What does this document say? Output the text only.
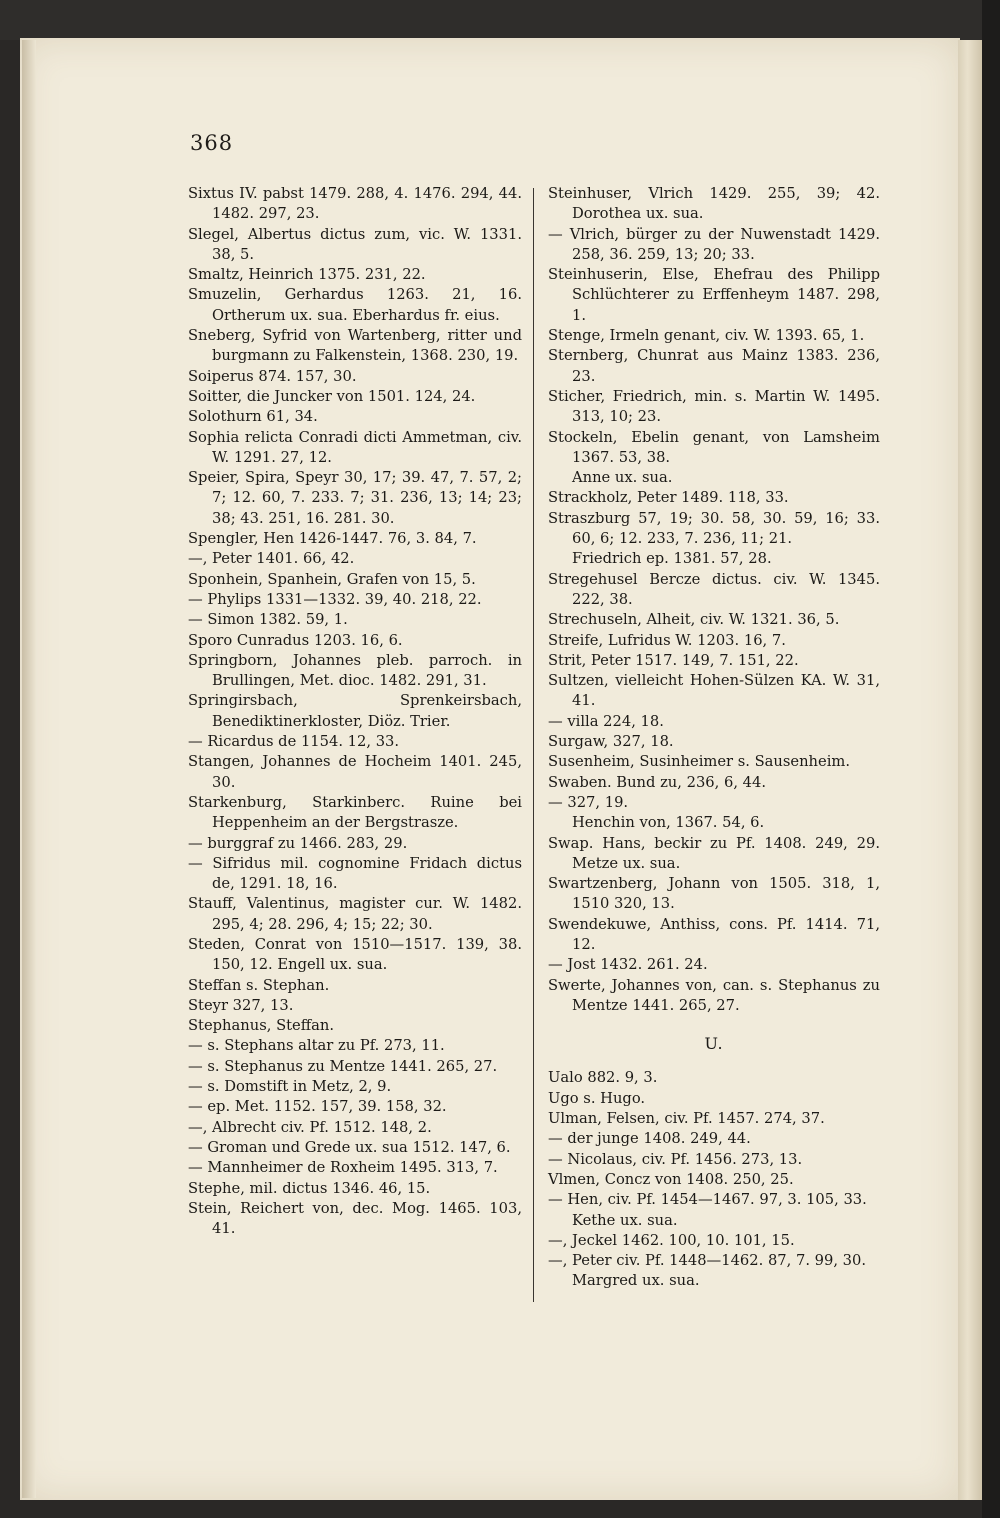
368
Sixtus IV. pabst 1479. 288, 4. 1476. 294, 44. 1482. 297, 23.
Slegel, Albertus dictus zum, vic. W. 1331. 38, 5.
Smaltz, Heinrich 1375. 231, 22.
Smuzelin, Gerhardus 1263. 21, 16. Ortherum ux. sua. Eberhardus fr. eius.
Sneberg, Syfrid von Wartenberg, ritter und burgmann zu Falkenstein, 1368. 230, 19.
Soiperus 874. 157, 30.
Soitter, die Juncker von 1501. 124, 24.
Solothurn 61, 34.
Sophia relicta Conradi dicti Ammetman, civ. W. 1291. 27, 12.
Speier, Spira, Speyr 30, 17; 39. 47, 7. 57, 2; 7; 12. 60, 7. 233. 7; 31. 236, 13; 14; 23; 38; 43. 251, 16. 281. 30.
Spengler, Hen 1426-1447. 76, 3. 84, 7.
—, Peter 1401. 66, 42.
Sponhein, Spanhein, Grafen von 15, 5.
— Phylips 1331—1332. 39, 40. 218, 22.
— Simon 1382. 59, 1.
Sporo Cunradus 1203. 16, 6.
Springborn, Johannes pleb. parroch. in Brullingen, Met. dioc. 1482. 291, 31.
Springirsbach, Sprenkeirsbach, Benediktinerkloster, Diöz. Trier.
— Ricardus de 1154. 12, 33.
Stangen, Johannes de Hocheim 1401. 245, 30.
Starkenburg, Starkinberc. Ruine bei Heppenheim an der Bergstrasze.
— burggraf zu 1466. 283, 29.
— Sifridus mil. cognomine Fridach dictus de, 1291. 18, 16.
Stauff, Valentinus, magister cur. W. 1482. 295, 4; 28. 296, 4; 15; 22; 30.
Steden, Conrat von 1510—1517. 139, 38. 150, 12. Engell ux. sua.
Steffan s. Stephan.
Steyr 327, 13.
Stephanus, Steffan.
— s. Stephans altar zu Pf. 273, 11.
— s. Stephanus zu Mentze 1441. 265, 27.
— s. Domstift in Metz, 2, 9.
— ep. Met. 1152. 157, 39. 158, 32.
—, Albrecht civ. Pf. 1512. 148, 2.
— Groman und Grede ux. sua 1512. 147, 6.
— Mannheimer de Roxheim 1495. 313, 7.
Stephe, mil. dictus 1346. 46, 15.
Stein, Reichert von, dec. Mog. 1465. 103, 41.
Steinhuser, Vlrich 1429. 255, 39; 42. Dorothea ux. sua.
— Vlrich, bürger zu der Nuwenstadt 1429. 258, 36. 259, 13; 20; 33.
Steinhuserin, Else, Ehefrau des Philipp Schlüchterer zu Erffenheym 1487. 298, 1.
Stenge, Irmeln genant, civ. W. 1393. 65, 1.
Sternberg, Chunrat aus Mainz 1383. 236, 23.
Sticher, Friedrich, min. s. Martin W. 1495. 313, 10; 23.
Stockeln, Ebelin genant, von Lamsheim 1367. 53, 38.
Anne ux. sua.
Strackholz, Peter 1489. 118, 33.
Straszburg 57, 19; 30. 58, 30. 59, 16; 33. 60, 6; 12. 233, 7. 236, 11; 21.
Friedrich ep. 1381. 57, 28.
Stregehusel Bercze dictus. civ. W. 1345. 222, 38.
Strechuseln, Alheit, civ. W. 1321. 36, 5.
Streife, Lufridus W. 1203. 16, 7.
Strit, Peter 1517. 149, 7. 151, 22.
Sultzen, vielleicht Hohen-Sülzen KA. W. 31, 41.
— villa 224, 18.
Surgaw, 327, 18.
Susenheim, Susinheimer s. Sausenheim.
Swaben. Bund zu, 236, 6, 44.
— 327, 19.
Henchin von, 1367. 54, 6.
Swap. Hans, beckir zu Pf. 1408. 249, 29. Metze ux. sua.
Swartzenberg, Johann von 1505. 318, 1, 1510 320, 13.
Swendekuwe, Anthiss, cons. Pf. 1414. 71, 12.
— Jost 1432. 261. 24.
Swerte, Johannes von, can. s. Stephanus zu Mentze 1441. 265, 27.
U.
Ualo 882. 9, 3.
Ugo s. Hugo.
Ulman, Felsen, civ. Pf. 1457. 274, 37.
— der junge 1408. 249, 44.
— Nicolaus, civ. Pf. 1456. 273, 13.
Vlmen, Concz von 1408. 250, 25.
— Hen, civ. Pf. 1454—1467. 97, 3. 105, 33.
Kethe ux. sua.
—, Jeckel 1462. 100, 10. 101, 15.
—, Peter civ. Pf. 1448—1462. 87, 7. 99, 30.
Margred ux. sua.
